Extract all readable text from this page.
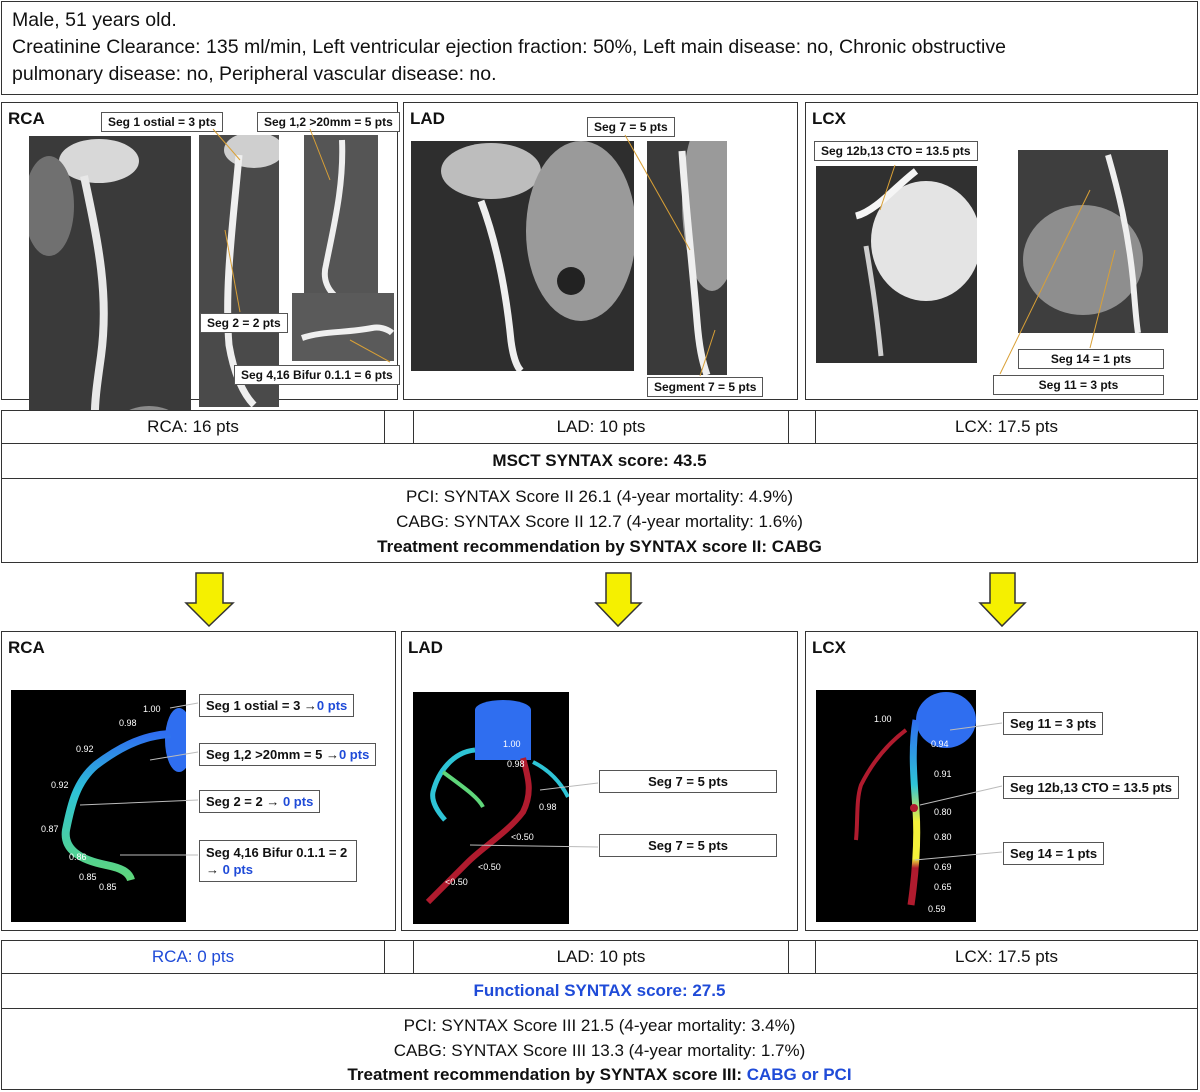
Male, 51 years old.
Creatinine Clearance: 135 ml/min, Left ventricular ejection fraction: 50%, Left main disease: no, Chronic obstructive
pulmonary disease: no, Peripheral vascular disease: no.
RCA	Seg 1 ostial = 3 pts	Seg 1,2 >20mm = 5 pts
Seg 2 = 2 pts
Seg 4,16 Bifur 0.1.1 = 6 pts
LAD	Seg 7 = 5 pts
Segment 7 = 5 pts
LCX
Seg 12b,13 CTO = 13.5 pts
Seg 14 = 1 pts
Seg 11 = 3 pts
RCA: 16 pts	LAD: 10 pts	LCX: 17.5 pts
MSCT SYNTAX score: 43.5
PCI: SYNTAX Score II 26.1 (4-year mortality: 4.9%)
CABG: SYNTAX Score II 12.7 (4-year mortality: 1.6%)
Treatment recommendation by SYNTAX score II: CABG
RCA
1.00
0.98
0.92
0.92
0.87
0.86
0.85
0.85
Seg 1 ostial = 3 →0 pts
Seg 1,2 >20mm = 5 →0 pts
Seg 2 = 2 → 0 pts
Seg 4,16 Bifur 0.1.1 = 2
→ 0 pts
LAD
1.00
0.98
0.98
<0.50
<0.50
<0.50
Seg 7 = 5 pts
Seg 7 = 5 pts
LCX
1.00
0.94
0.91
0.80
0.80
0.69
0.65
0.59
Seg 11 = 3 pts
Seg 12b,13 CTO = 13.5 pts
Seg 14 = 1 pts
RCA: 0 pts	LAD: 10 pts	LCX: 17.5 pts
Functional SYNTAX score: 27.5
PCI: SYNTAX Score III 21.5 (4-year mortality: 3.4%)
CABG: SYNTAX Score III 13.3 (4-year mortality: 1.7%)
Treatment recommendation by SYNTAX score III: CABG or PCI
